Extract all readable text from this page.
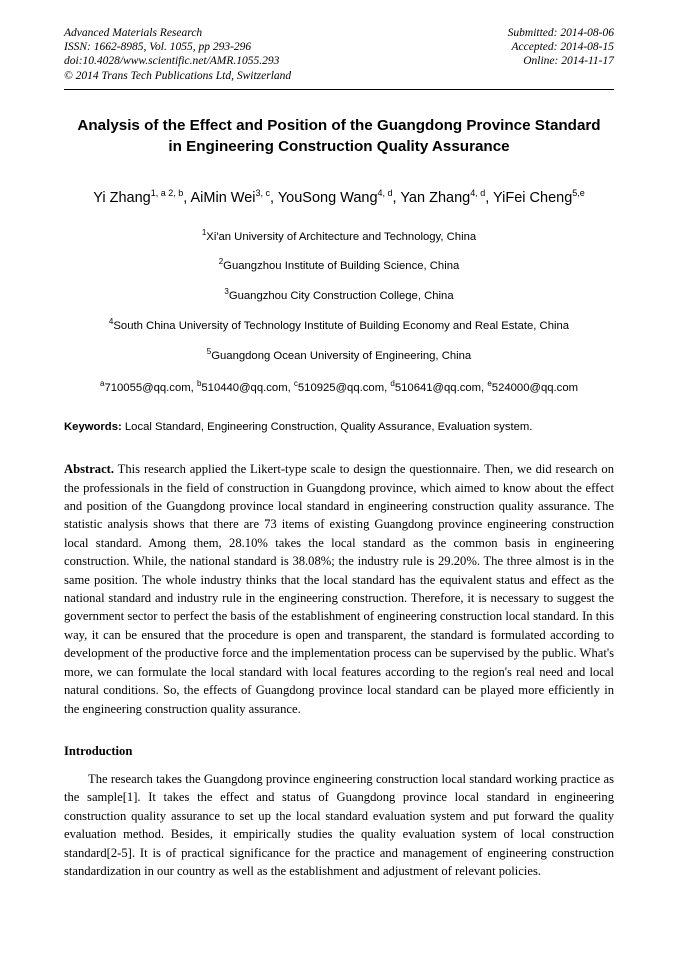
Advanced Materials Research
ISSN: 1662-8985, Vol. 1055, pp 293-296
doi:10.4028/www.scientific.net/AMR.1055.293
© 2014 Trans Tech Publications Ltd, Switzerland
Submitted: 2014-08-06
Accepted: 2014-08-15
Online: 2014-11-17
Analysis of the Effect and Position of the Guangdong Province Standard
in Engineering Construction Quality Assurance
Yi Zhang$^{1, a 2, b}$, AiMin Wei$^{3, c}$, YouSong Wang$^{4, d}$, Yan Zhang$^{4, d}$, YiFei Cheng$^{5,e}$
$^1$Xi'an University of Architecture and Technology, China
$^2$Guangzhou Institute of Building Science, China
$^3$Guangzhou City Construction College, China
$^4$South China University of Technology Institute of Building Economy and Real Estate, China
$^5$Guangdong Ocean University of Engineering, China
$^a$710055@qq.com, $^b$510440@qq.com, $^c$510925@qq.com, $^d$510641@qq.com, $^e$524000@qq.com
Keywords: Local Standard, Engineering Construction, Quality Assurance, Evaluation system.
Abstract. This research applied the Likert-type scale to design the questionnaire. Then, we did research on the professionals in the field of construction in Guangdong province, which aimed to know about the effect and position of the Guangdong province local standard in engineering construction quality assurance. The statistic analysis shows that there are 73 items of existing Guangdong province engineering construction local standard. Among them, 28.10% takes the local standard as the common basis in engineering construction. While, the national standard is 38.08%; the industry rule is 29.20%. The three almost is in the same position. The whole industry thinks that the local standard has the equivalent status and effect as the national standard and industry rule in the engineering construction. Therefore, it is necessary to suggest the government sector to perfect the basis of the establishment of engineering construction local standard. In this way, it can be ensured that the procedure is open and transparent, the standard is formulated according to development of the productive force and the implementation process can be supervised by the public. What's more, we can formulate the local standard with local features according to the region's real need and local natural conditions. So, the effects of Guangdong province local standard can be played more efficiently in the engineering construction quality assurance.
Introduction
The research takes the Guangdong province engineering construction local standard working practice as the sample[1]. It takes the effect and status of Guangdong province local standard in engineering construction quality assurance to set up the local standard evaluation system and put forward the quality evaluation method. Besides, it empirically studies the quality evaluation system of local construction standard[2-5]. It is of practical significance for the practice and management of engineering construction standardization in our country as well as the establishment and adjustment of relevant policies.
